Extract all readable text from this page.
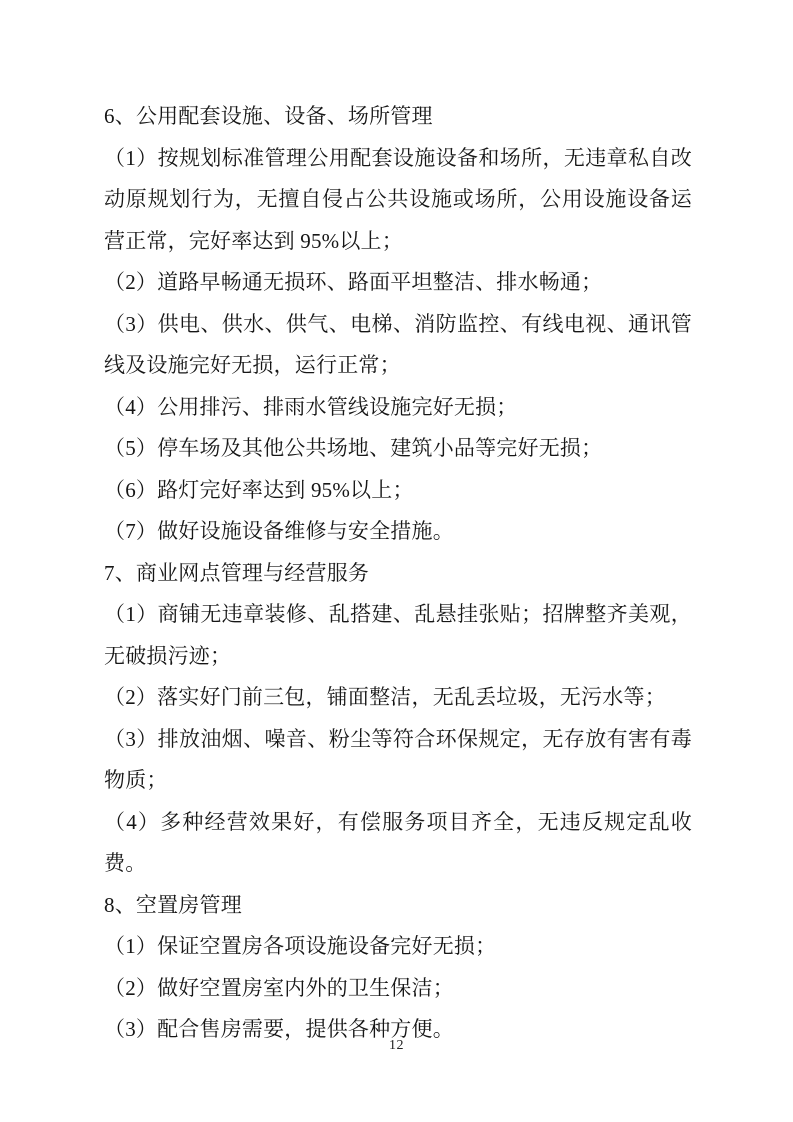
6、公用配套设施、设备、场所管理

（1）按规划标准管理公用配套设施设备和场所，无违章私自改动原规划行为，无擅自侵占公共设施或场所，公用设施设备运营正常，完好率达到 95%以上；

（2）道路早畅通无损环、路面平坦整洁、排水畅通；

（3）供电、供水、供气、电梯、消防监控、有线电视、通讯管线及设施完好无损，运行正常；

（4）公用排污、排雨水管线设施完好无损；

（5）停车场及其他公共场地、建筑小品等完好无损；

（6）路灯完好率达到 95%以上；

（7）做好设施设备维修与安全措施。

7、商业网点管理与经营服务

（1）商铺无违章装修、乱搭建、乱悬挂张贴；招牌整齐美观，无破损污迹；

（2）落实好门前三包，铺面整洁，无乱丢垃圾，无污水等；

（3）排放油烟、噪音、粉尘等符合环保规定，无存放有害有毒物质；

（4）多种经营效果好，有偿服务项目齐全，无违反规定乱收费。

8、空置房管理

（1）保证空置房各项设施设备完好无损；

（2）做好空置房室内外的卫生保洁；

（3）配合售房需要，提供各种方便。

12
